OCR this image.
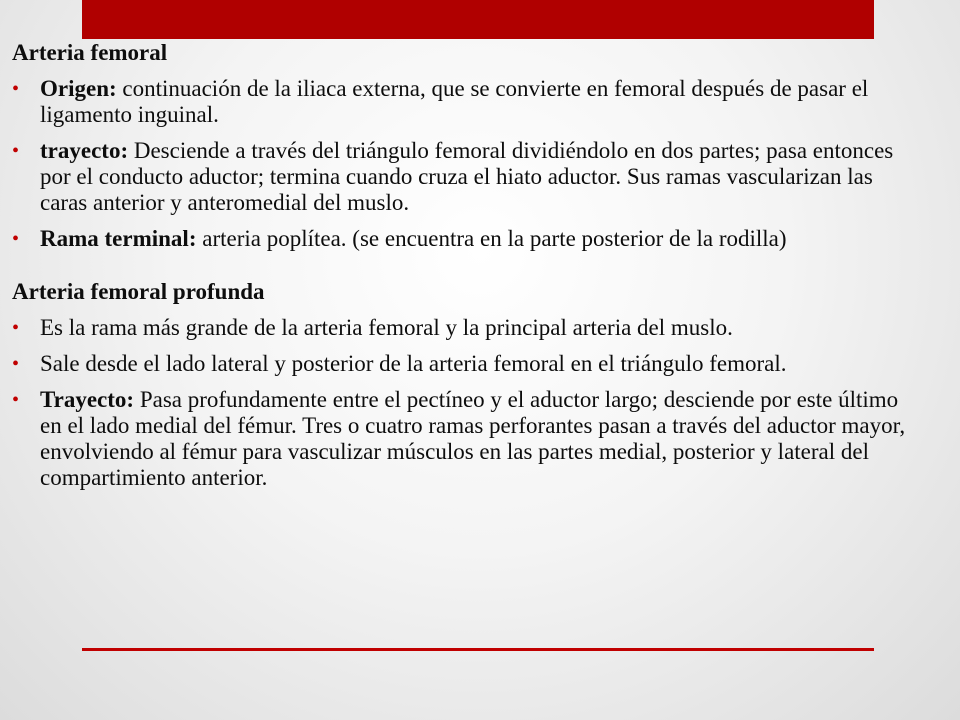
Arteria femoral
• Origen: continuación de la iliaca externa, que se convierte en femoral después de pasar el ligamento inguinal.
• trayecto: Desciende a través del triángulo femoral dividiéndolo en dos partes; pasa entonces por el conducto aductor; termina cuando cruza el hiato aductor. Sus ramas vascularizan las caras anterior y anteromedial del muslo.
• Rama terminal: arteria poplítea. (se encuentra en la parte posterior de la rodilla)
Arteria femoral profunda
• Es la rama más grande de la arteria femoral y la principal arteria del muslo.
• Sale desde el lado lateral y posterior de la arteria femoral en el triángulo femoral.
• Trayecto: Pasa profundamente entre el pectíneo y el aductor largo; desciende por este último en el lado medial del fémur. Tres o cuatro ramas perforantes pasan a través del aductor mayor, envolviendo al fémur para vasculizar músculos en las partes medial, posterior y lateral del compartimiento anterior.
